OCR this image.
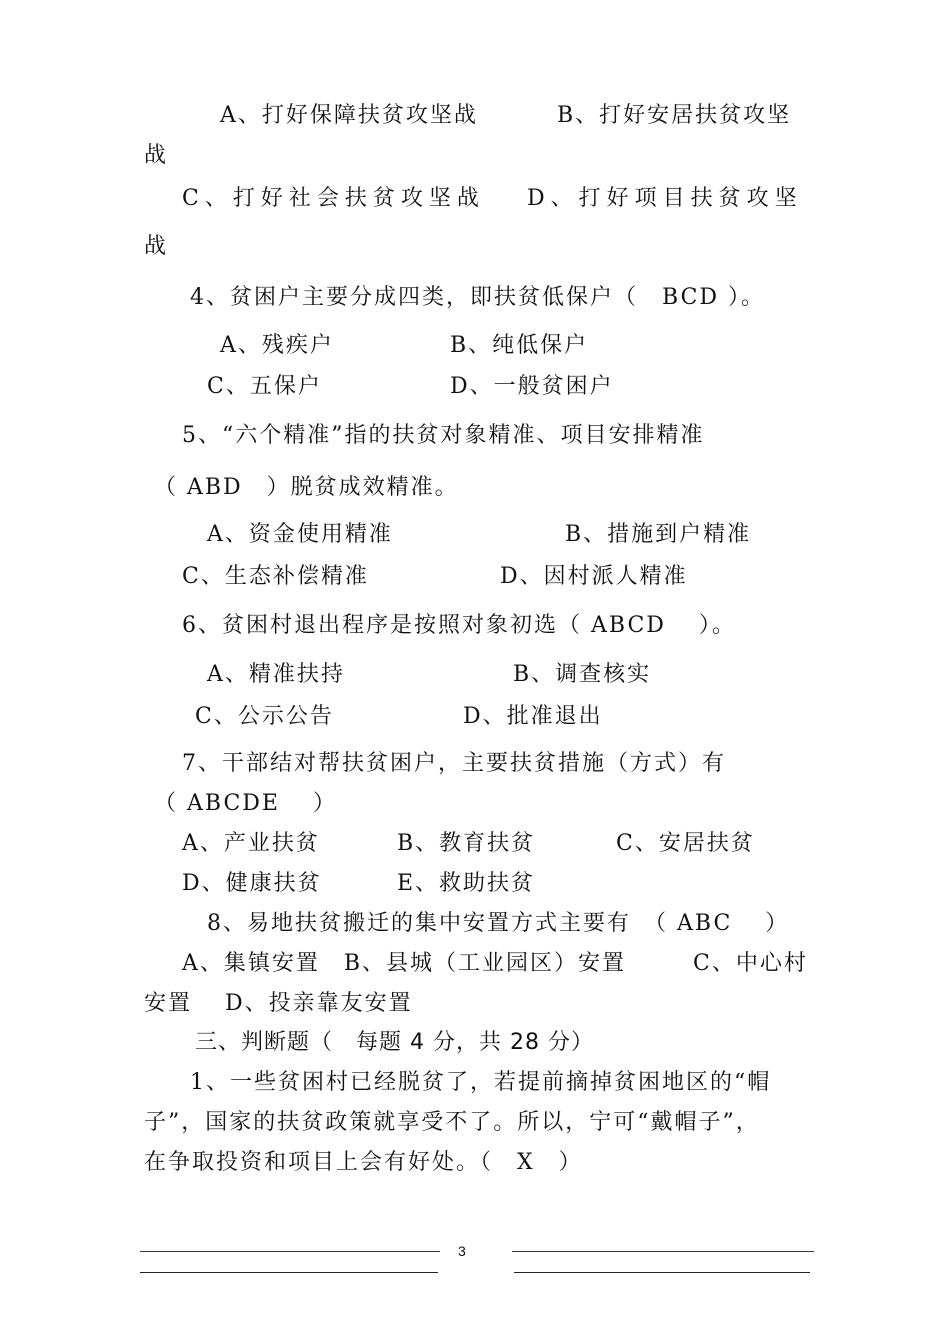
A、打好保障扶贫攻坚战	B、打好安居扶贫攻坚
战
C、打好社会扶贫攻坚战 D、打好项目扶贫攻坚
战
4、贫困户主要分成四类，即扶贫低保户（　BCD ）。
A、残疾户	B、纯低保户
C、五保户	D、一般贫困户
5、“六个精准”指的扶贫对象精准、项目安排精准
（ ABD　）脱贫成效精准。
A、资金使用精准	B、措施到户精准
C、生态补偿精准	D、因村派人精准
6、贫困村退出程序是按照对象初选（ ABCD　 ）。
A、精准扶持	B、调查核实
C、公示公告	D、批准退出
7、干部结对帮扶贫困户，主要扶贫措施（方式）有
（ ABCDE　 ）
A、产业扶贫	B、教育扶贫	C、安居扶贫
D、健康扶贫	E、救助扶贫
8、易地扶贫搬迁的集中安置方式主要有　（ ABC　 ）
A、集镇安置　B、县城（工业园区）安置	C、中心村
安置　 D、投亲靠友安置
三、判断题（　每题 4 分，共 28 分）
1、一些贫困村已经脱贫了，若提前摘掉贫困地区的“帽
子”，国家的扶贫政策就享受不了。所以，宁可“戴帽子”，
在争取投资和项目上会有好处。（　X　）
3
